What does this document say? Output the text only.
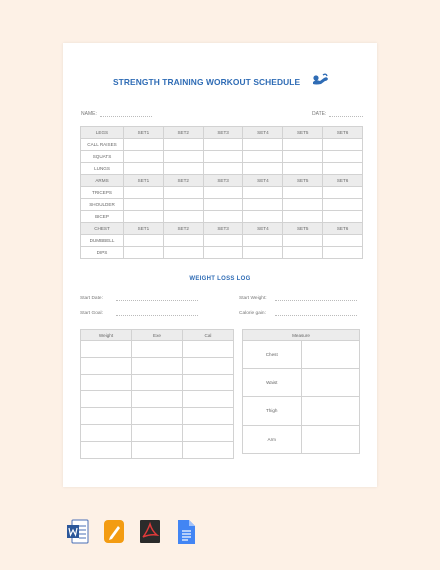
STRENGTH TRAINING WORKOUT SCHEDULE
NAME:	DATE:
LEGS	SET1	SET2	SET3	SET4	SET5	SET6
CALL RAISES						
SQUATS						
LUNGS						
ARMS	SET1	SET2	SET3	SET4	SET5	SET6
TRICEPS						
SHOULDER						
BICEP						
CHEST	SET1	SET2	SET3	SET4	SET5	SET6
DUMBBELL						
DIPS						
WEIGHT LOSS LOG
Start Date:	Start Weight:
Start Goal:	Calorie gain:
Weight	Exe	Cal

			Measure	
Chest	
Waist	
Thigh	
Arm	
